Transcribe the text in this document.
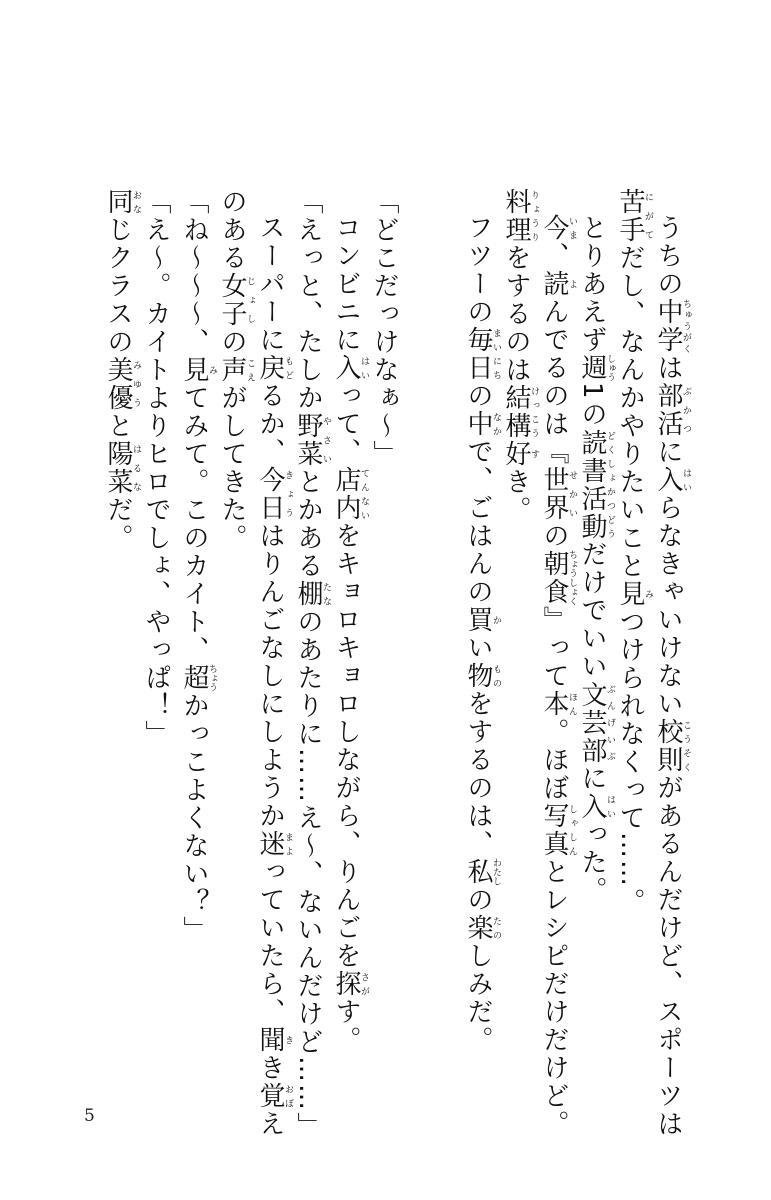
うちの中学ちゅうがくは部活ぶかつに入はいらなきゃいけない校則こうそくがあるんだけど、スポーツは

苦手にがてだし、なんかやりたいこと見みつけられなくって……。

とりあえず週しゅう1の読書活動どくしょかつどうだけでいい文芸部ぶんげいぶに入はいった。

今いま、読よんでるのは『世界せかいの朝食ちょうしょく』って本ほん。ほぼ写真しゃしんとレシピだけだけど。

料理りょうりをするのは結構けっこう好すき。

フツーの毎日まいにちの中なかで、ごはんの買かい物ものをするのは、私わたしの楽たのしみだ。

「どこだっけなぁ〜」

コンビニに入はいって、店内てんないをキョロキョロしながら、りんごを探さがす。

「えっと、たしか野菜やさいとかある棚たなのあたりに……え〜、ないんだけど……」

スーパーに戻もどるか、今日きょうはりんごなしにしようか迷まよっていたら、聞きき覚おぼえ

のある女子じょしの声こえがしてきた。

「ね〜〜〜、見みてみて。このカイト、超ちょうかっこよくない？」

「え〜。カイトよりヒロでしょ、やっぱ！」

同おなじクラスの美優みゆうと陽菜はるなだ。

5
